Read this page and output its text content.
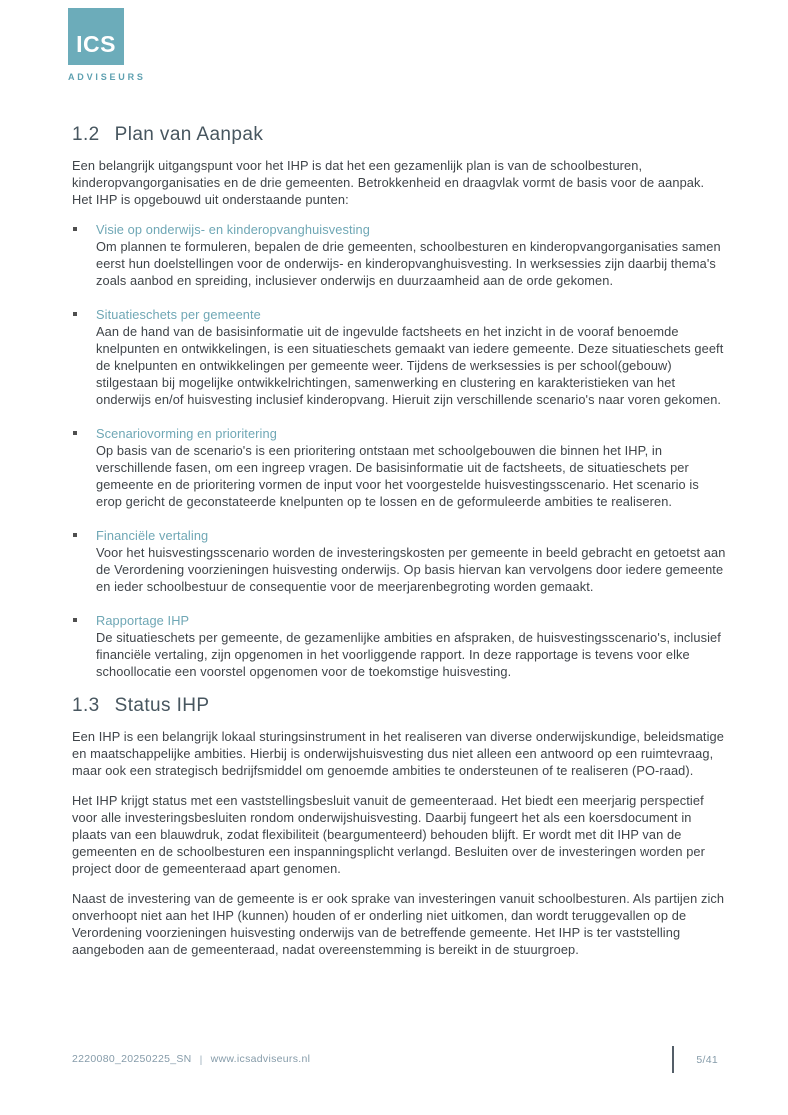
ICS
ADVISEURS
1.2 Plan van Aanpak

Een belangrijk uitgangspunt voor het IHP is dat het een gezamenlijk plan is van de schoolbesturen, kinderopvangorganisaties en de drie gemeenten. Betrokkenheid en draagvlak vormt de basis voor de aanpak. Het IHP is opgebouwd uit onderstaande punten:

Visie op onderwijs- en kinderopvanghuisvesting
Om plannen te formuleren, bepalen de drie gemeenten, schoolbesturen en kinderopvangorganisaties samen eerst hun doelstellingen voor de onderwijs- en kinderopvanghuisvesting. In werksessies zijn daarbij thema's zoals aanbod en spreiding, inclusiever onderwijs en duurzaamheid aan de orde gekomen.
Situatieschets per gemeente
Aan de hand van de basisinformatie uit de ingevulde factsheets en het inzicht in de vooraf benoemde knelpunten en ontwikkelingen, is een situatieschets gemaakt van iedere gemeente. Deze situatieschets geeft de knelpunten en ontwikkelingen per gemeente weer. Tijdens de werksessies is per school(gebouw) stilgestaan bij mogelijke ontwikkelrichtingen, samenwerking en clustering en karakteristieken van het onderwijs en/of huisvesting inclusief kinderopvang. Hieruit zijn verschillende scenario's naar voren gekomen.
Scenariovorming en prioritering
Op basis van de scenario's is een prioritering ontstaan met schoolgebouwen die binnen het IHP, in verschillende fasen, om een ingreep vragen. De basisinformatie uit de factsheets, de situatieschets per gemeente en de prioritering vormen de input voor het voorgestelde huisvestingsscenario. Het scenario is erop gericht de geconstateerde knelpunten op te lossen en de geformuleerde ambities te realiseren.
Financiële vertaling
Voor het huisvestingsscenario worden de investeringskosten per gemeente in beeld gebracht en getoetst aan de Verordening voorzieningen huisvesting onderwijs. Op basis hiervan kan vervolgens door iedere gemeente en ieder schoolbestuur de consequentie voor de meerjarenbegroting worden gemaakt.
Rapportage IHP
De situatieschets per gemeente, de gezamenlijke ambities en afspraken, de huisvestingsscenario's, inclusief financiële vertaling, zijn opgenomen in het voorliggende rapport. In deze rapportage is tevens voor elke schoollocatie een voorstel opgenomen voor de toekomstige huisvesting.
1.3 Status IHP

Een IHP is een belangrijk lokaal sturingsinstrument in het realiseren van diverse onderwijskundige, beleidsmatige en maatschappelijke ambities. Hierbij is onderwijshuisvesting dus niet alleen een antwoord op een ruimtevraag, maar ook een strategisch bedrijfsmiddel om genoemde ambities te ondersteunen of te realiseren (PO-raad).

Het IHP krijgt status met een vaststellingsbesluit vanuit de gemeenteraad. Het biedt een meerjarig perspectief voor alle investeringsbesluiten rondom onderwijshuisvesting. Daarbij fungeert het als een koersdocument in plaats van een blauwdruk, zodat flexibiliteit (beargumenteerd) behouden blijft. Er wordt met dit IHP van de gemeenten en de schoolbesturen een inspanningsplicht verlangd. Besluiten over de investeringen worden per project door de gemeenteraad apart genomen.

Naast de investering van de gemeente is er ook sprake van investeringen vanuit schoolbesturen. Als partijen zich onverhoopt niet aan het IHP (kunnen) houden of er onderling niet uitkomen, dan wordt teruggevallen op de Verordening voorzieningen huisvesting onderwijs van de betreffende gemeente. Het IHP is ter vaststelling aangeboden aan de gemeenteraad, nadat overeenstemming is bereikt in de stuurgroep.

2220080_20250225_SN | www.icsadviseurs.nl	5/41
